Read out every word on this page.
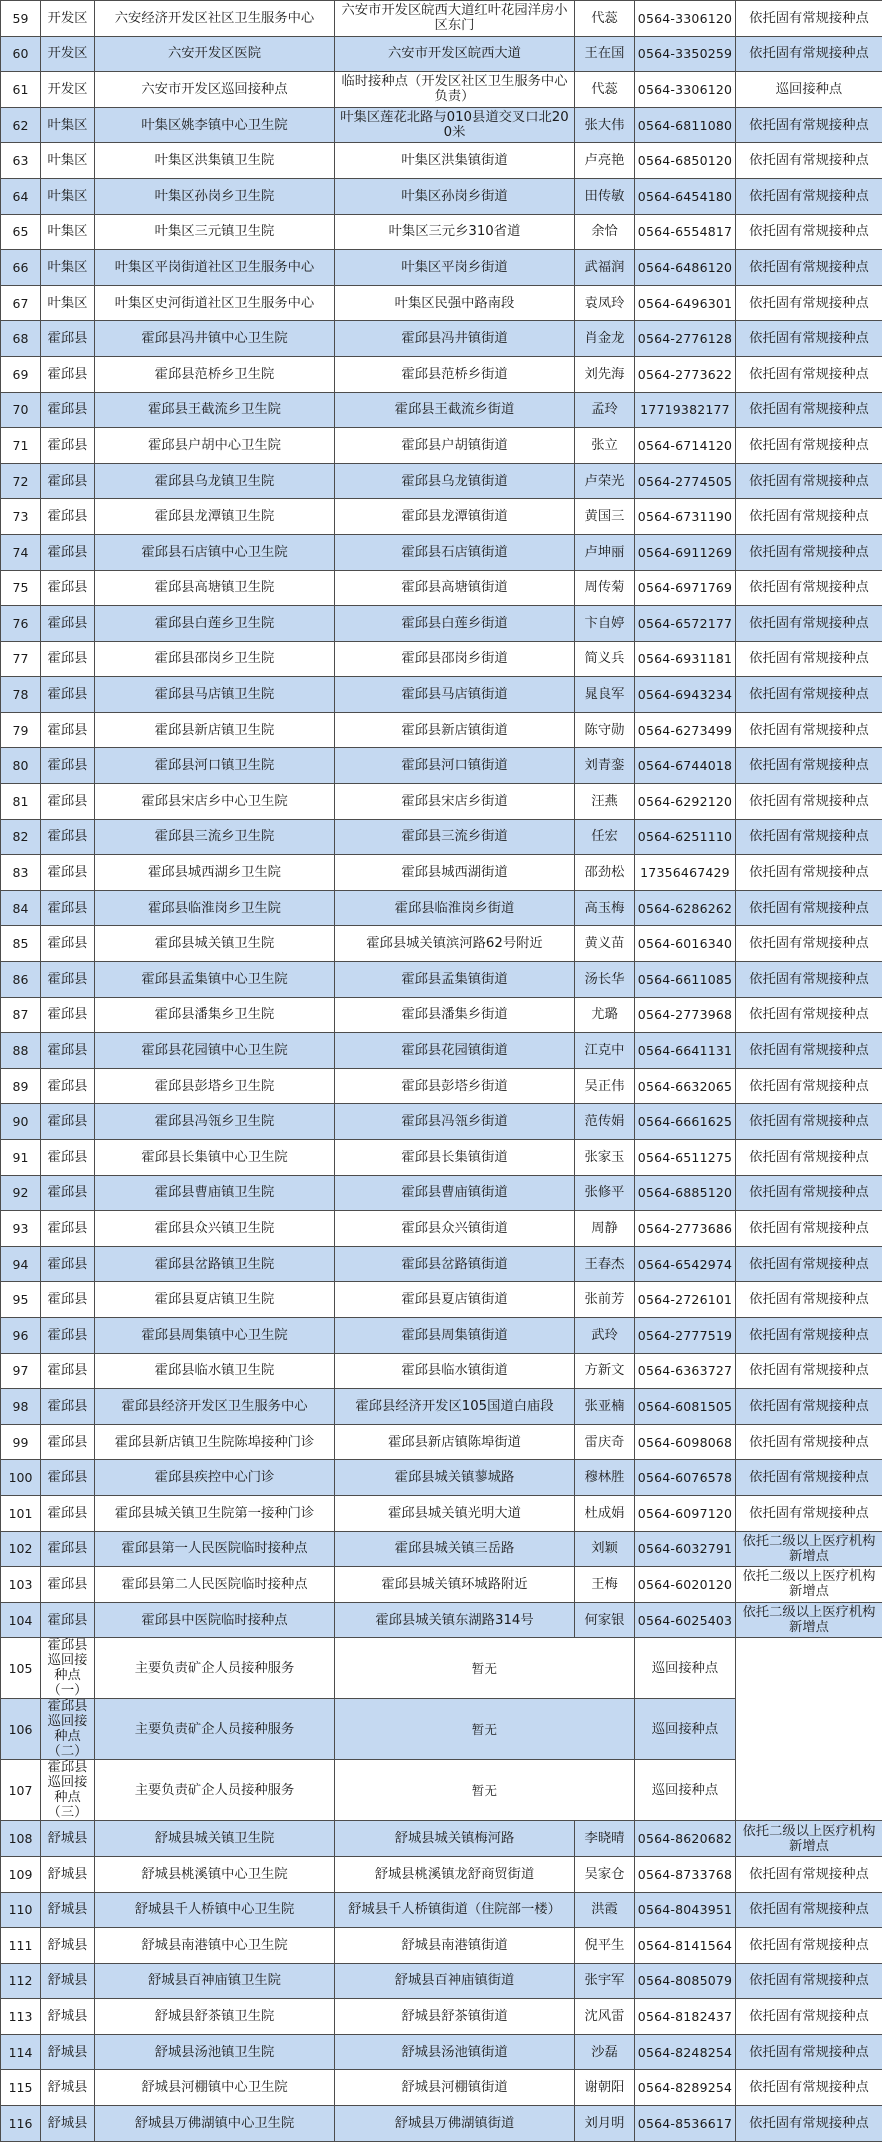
59	开发区	六安经济开发区社区卫生服务中心	六安市开发区皖西大道红叶花园洋房小区东门	代蕊	0564-3306120	依托固有常规接种点
60	开发区	六安开发区医院	六安市开发区皖西大道	王在国	0564-3350259	依托固有常规接种点
61	开发区	六安市开发区巡回接种点	临时接种点（开发区社区卫生服务中心负责）	代蕊	0564-3306120	巡回接种点
62	叶集区	叶集区姚李镇中心卫生院	叶集区莲花北路与010县道交叉口北200米	张大伟	0564-6811080	依托固有常规接种点
63	叶集区	叶集区洪集镇卫生院	叶集区洪集镇街道	卢亮艳	0564-6850120	依托固有常规接种点
64	叶集区	叶集区孙岗乡卫生院	叶集区孙岗乡街道	田传敏	0564-6454180	依托固有常规接种点
65	叶集区	叶集区三元镇卫生院	叶集区三元乡310省道	余恰	0564-6554817	依托固有常规接种点
66	叶集区	叶集区平岗街道社区卫生服务中心	叶集区平岗乡街道	武福润	0564-6486120	依托固有常规接种点
67	叶集区	叶集区史河街道社区卫生服务中心	叶集区民强中路南段	袁凤玲	0564-6496301	依托固有常规接种点
68	霍邱县	霍邱县冯井镇中心卫生院	霍邱县冯井镇街道	肖金龙	0564-2776128	依托固有常规接种点
69	霍邱县	霍邱县范桥乡卫生院	霍邱县范桥乡街道	刘先海	0564-2773622	依托固有常规接种点
70	霍邱县	霍邱县王截流乡卫生院	霍邱县王截流乡街道	孟玲	17719382177	依托固有常规接种点
71	霍邱县	霍邱县户胡中心卫生院	霍邱县户胡镇街道	张立	0564-6714120	依托固有常规接种点
72	霍邱县	霍邱县乌龙镇卫生院	霍邱县乌龙镇街道	卢荣光	0564-2774505	依托固有常规接种点
73	霍邱县	霍邱县龙潭镇卫生院	霍邱县龙潭镇街道	黄国三	0564-6731190	依托固有常规接种点
74	霍邱县	霍邱县石店镇中心卫生院	霍邱县石店镇街道	卢坤丽	0564-6911269	依托固有常规接种点
75	霍邱县	霍邱县高塘镇卫生院	霍邱县高塘镇街道	周传菊	0564-6971769	依托固有常规接种点
76	霍邱县	霍邱县白莲乡卫生院	霍邱县白莲乡街道	卞自婷	0564-6572177	依托固有常规接种点
77	霍邱县	霍邱县邵岗乡卫生院	霍邱县邵岗乡街道	简义兵	0564-6931181	依托固有常规接种点
78	霍邱县	霍邱县马店镇卫生院	霍邱县马店镇街道	晁良军	0564-6943234	依托固有常规接种点
79	霍邱县	霍邱县新店镇卫生院	霍邱县新店镇街道	陈守勋	0564-6273499	依托固有常规接种点
80	霍邱县	霍邱县河口镇卫生院	霍邱县河口镇街道	刘青銮	0564-6744018	依托固有常规接种点
81	霍邱县	霍邱县宋店乡中心卫生院	霍邱县宋店乡街道	汪燕	0564-6292120	依托固有常规接种点
82	霍邱县	霍邱县三流乡卫生院	霍邱县三流乡街道	任宏	0564-6251110	依托固有常规接种点
83	霍邱县	霍邱县城西湖乡卫生院	霍邱县城西湖街道	邵劲松	17356467429	依托固有常规接种点
84	霍邱县	霍邱县临淮岗乡卫生院	霍邱县临淮岗乡街道	高玉梅	0564-6286262	依托固有常规接种点
85	霍邱县	霍邱县城关镇卫生院	霍邱县城关镇滨河路62号附近	黄义苗	0564-6016340	依托固有常规接种点
86	霍邱县	霍邱县孟集镇中心卫生院	霍邱县孟集镇街道	汤长华	0564-6611085	依托固有常规接种点
87	霍邱县	霍邱县潘集乡卫生院	霍邱县潘集乡街道	尤璐	0564-2773968	依托固有常规接种点
88	霍邱县	霍邱县花园镇中心卫生院	霍邱县花园镇街道	江克中	0564-6641131	依托固有常规接种点
89	霍邱县	霍邱县彭塔乡卫生院	霍邱县彭塔乡街道	吴正伟	0564-6632065	依托固有常规接种点
90	霍邱县	霍邱县冯瓴乡卫生院	霍邱县冯瓴乡街道	范传娟	0564-6661625	依托固有常规接种点
91	霍邱县	霍邱县长集镇中心卫生院	霍邱县长集镇街道	张家玉	0564-6511275	依托固有常规接种点
92	霍邱县	霍邱县曹庙镇卫生院	霍邱县曹庙镇街道	张修平	0564-6885120	依托固有常规接种点
93	霍邱县	霍邱县众兴镇卫生院	霍邱县众兴镇街道	周静	0564-2773686	依托固有常规接种点
94	霍邱县	霍邱县岔路镇卫生院	霍邱县岔路镇街道	王春杰	0564-6542974	依托固有常规接种点
95	霍邱县	霍邱县夏店镇卫生院	霍邱县夏店镇街道	张前芳	0564-2726101	依托固有常规接种点
96	霍邱县	霍邱县周集镇中心卫生院	霍邱县周集镇街道	武玲	0564-2777519	依托固有常规接种点
97	霍邱县	霍邱县临水镇卫生院	霍邱县临水镇街道	方新文	0564-6363727	依托固有常规接种点
98	霍邱县	霍邱县经济开发区卫生服务中心	霍邱县经济开发区105国道白庙段	张亚楠	0564-6081505	依托固有常规接种点
99	霍邱县	霍邱县新店镇卫生院陈埠接种门诊	霍邱县新店镇陈埠街道	雷庆奇	0564-6098068	依托固有常规接种点
100	霍邱县	霍邱县疾控中心门诊	霍邱县城关镇蓼城路	穆林胜	0564-6076578	依托固有常规接种点
101	霍邱县	霍邱县城关镇卫生院第一接种门诊	霍邱县城关镇光明大道	杜成娟	0564-6097120	依托固有常规接种点
102	霍邱县	霍邱县第一人民医院临时接种点	霍邱县城关镇三岳路	刘颖	0564-6032791	依托二级以上医疗机构新增点
103	霍邱县	霍邱县第二人民医院临时接种点	霍邱县城关镇环城路附近	王梅	0564-6020120	依托二级以上医疗机构新增点
104	霍邱县	霍邱县中医院临时接种点	霍邱县城关镇东湖路314号	何家银	0564-6025403	依托二级以上医疗机构新增点
105	霍邱县巡回接种点（一）	主要负责矿企人员接种服务	暂无		巡回接种点	
106	霍邱县巡回接种点（二）	主要负责矿企人员接种服务	暂无		巡回接种点	
107	霍邱县巡回接种点（三）	主要负责矿企人员接种服务	暂无		巡回接种点	
108	舒城县	舒城县城关镇卫生院	舒城县城关镇梅河路	李晓晴	0564-8620682	依托二级以上医疗机构新增点
109	舒城县	舒城县桃溪镇中心卫生院	舒城县桃溪镇龙舒商贸街道	吴家仓	0564-8733768	依托固有常规接种点
110	舒城县	舒城县千人桥镇中心卫生院	舒城县千人桥镇街道（住院部一楼）	洪霞	0564-8043951	依托固有常规接种点
111	舒城县	舒城县南港镇中心卫生院	舒城县南港镇街道	倪平生	0564-8141564	依托固有常规接种点
112	舒城县	舒城县百神庙镇卫生院	舒城县百神庙镇街道	张宇军	0564-8085079	依托固有常规接种点
113	舒城县	舒城县舒茶镇卫生院	舒城县舒茶镇街道	沈风雷	0564-8182437	依托固有常规接种点
114	舒城县	舒城县汤池镇卫生院	舒城县汤池镇街道	沙磊	0564-8248254	依托固有常规接种点
115	舒城县	舒城县河棚镇中心卫生院	舒城县河棚镇街道	谢朝阳	0564-8289254	依托固有常规接种点
116	舒城县	舒城县万佛湖镇中心卫生院	舒城县万佛湖镇街道	刘月明	0564-8536617	依托固有常规接种点
